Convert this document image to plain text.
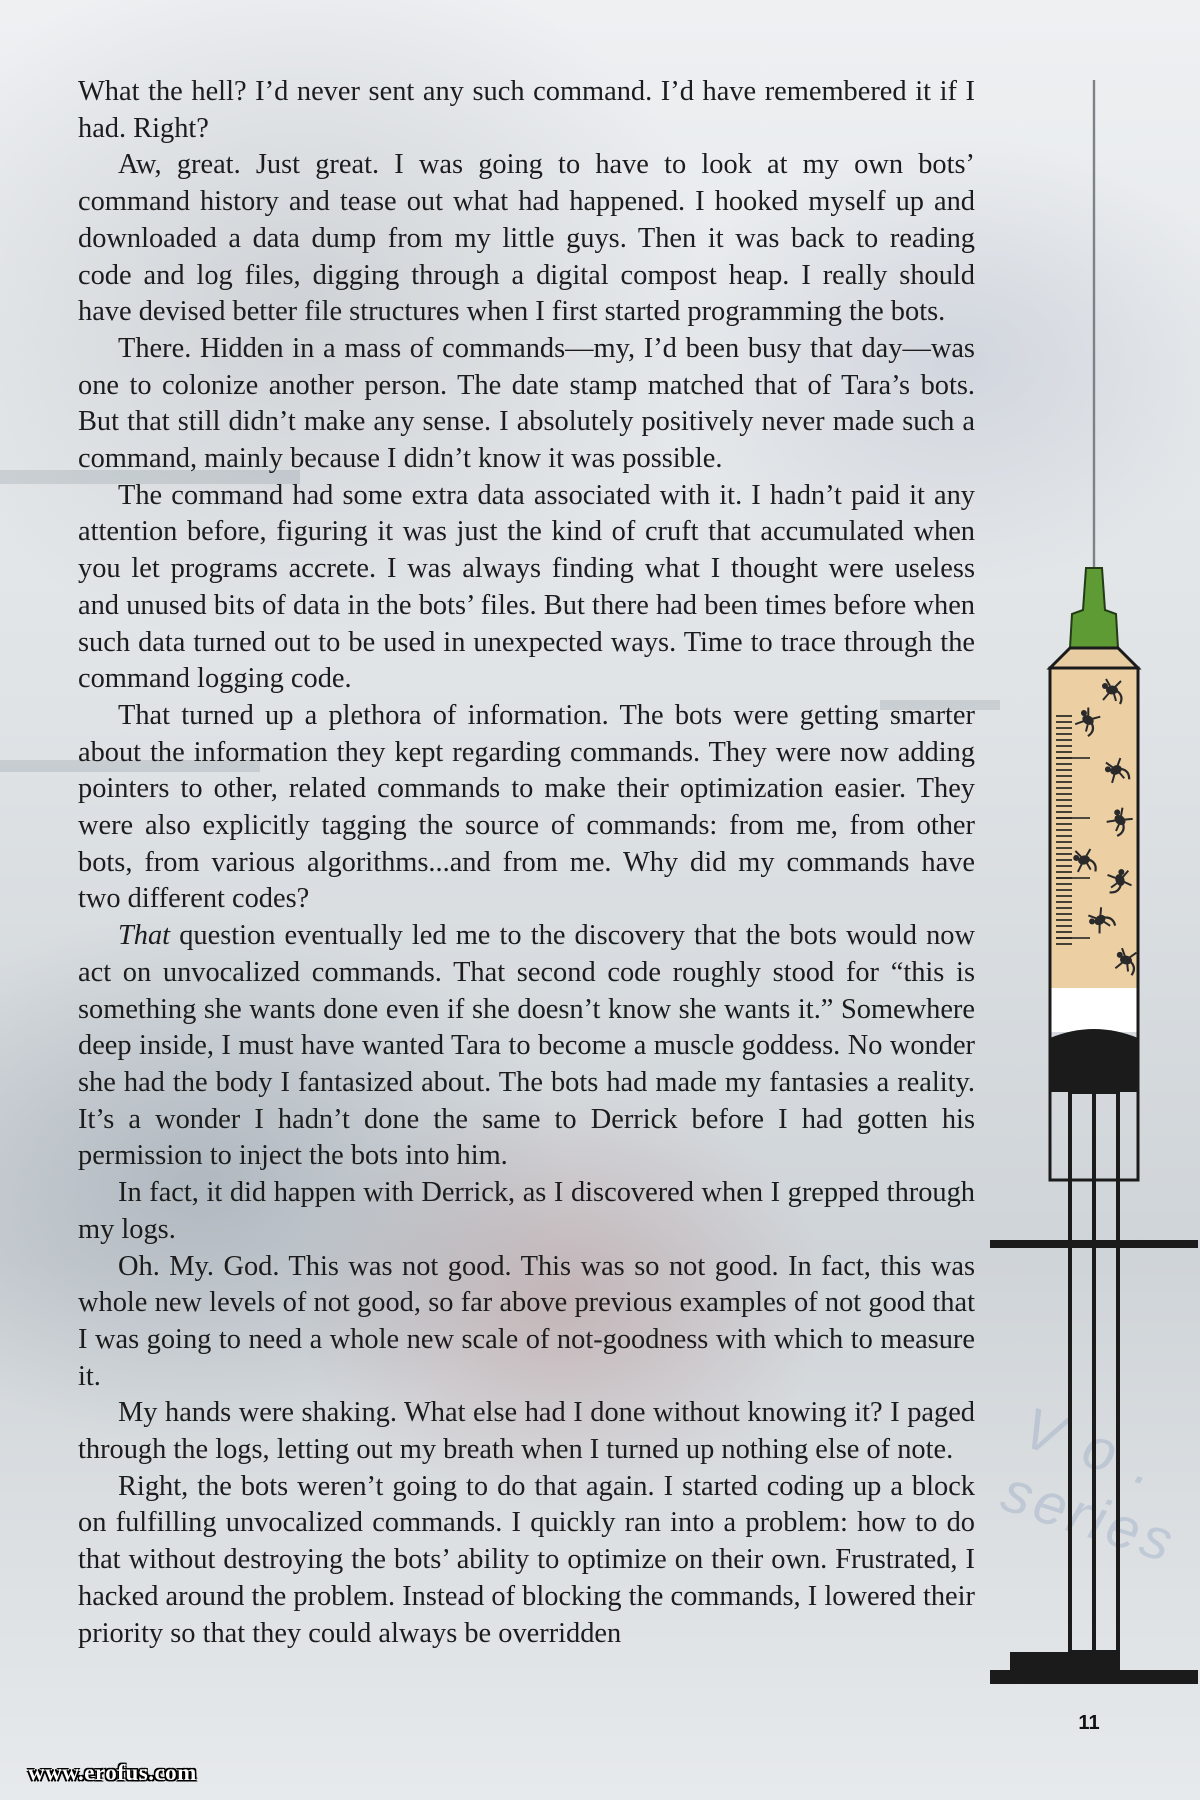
V o . series

What the hell? I’d never sent any such command. I’d have remembered it if I had. Right?

Aw, great. Just great. I was going to have to look at my own bots’ command history and tease out what had happened. I hooked myself up and downloaded a data dump from my little guys. Then it was back to reading code and log files, digging through a digital compost heap. I really should have devised better file structures when I first started programming the bots.

There. Hidden in a mass of commands—my, I’d been busy that day—was one to colonize another person. The date stamp matched that of Tara’s bots. But that still didn’t make any sense. I absolutely positively never made such a command, mainly because I didn’t know it was possible.

The command had some extra data associated with it. I hadn’t paid it any attention before, figuring it was just the kind of cruft that accumulated when you let programs accrete. I was always finding what I thought were useless and unused bits of data in the bots’ files. But there had been times before when such data turned out to be used in unexpected ways. Time to trace through the command logging code.

That turned up a plethora of information. The bots were getting smarter about the information they kept regarding commands. They were now adding pointers to other, related commands to make their optimization easier. They were also explicitly tagging the source of commands: from me, from other bots, from various algorithms...and from me. Why did my commands have two different codes?

That question eventually led me to the discovery that the bots would now act on unvocalized commands. That second code roughly stood for “this is something she wants done even if she doesn’t know she wants it.” Somewhere deep inside, I must have wanted Tara to become a muscle goddess. No wonder she had the body I fantasized about. The bots had made my fantasies a reality. It’s a wonder I hadn’t done the same to Derrick before I had gotten his permission to inject the bots into him.

In fact, it did happen with Derrick, as I discovered when I grepped through my logs.

Oh. My. God. This was not good. This was so not good. In fact, this was whole new levels of not good, so far above previous examples of not good that I was going to need a whole new scale of not-goodness with which to measure it.

My hands were shaking. What else had I done without knowing it? I paged through the logs, letting out my breath when I turned up nothing else of note.

Right, the bots weren’t going to do that again. I started coding up a block on fulfilling unvocalized commands. I quickly ran into a problem: how to do that without destroying the bots’ ability to optimize on their own. Frustrated, I hacked around the problem. Instead of blocking the commands, I lowered their priority so that they could always be overridden

11
www.erofus.com
